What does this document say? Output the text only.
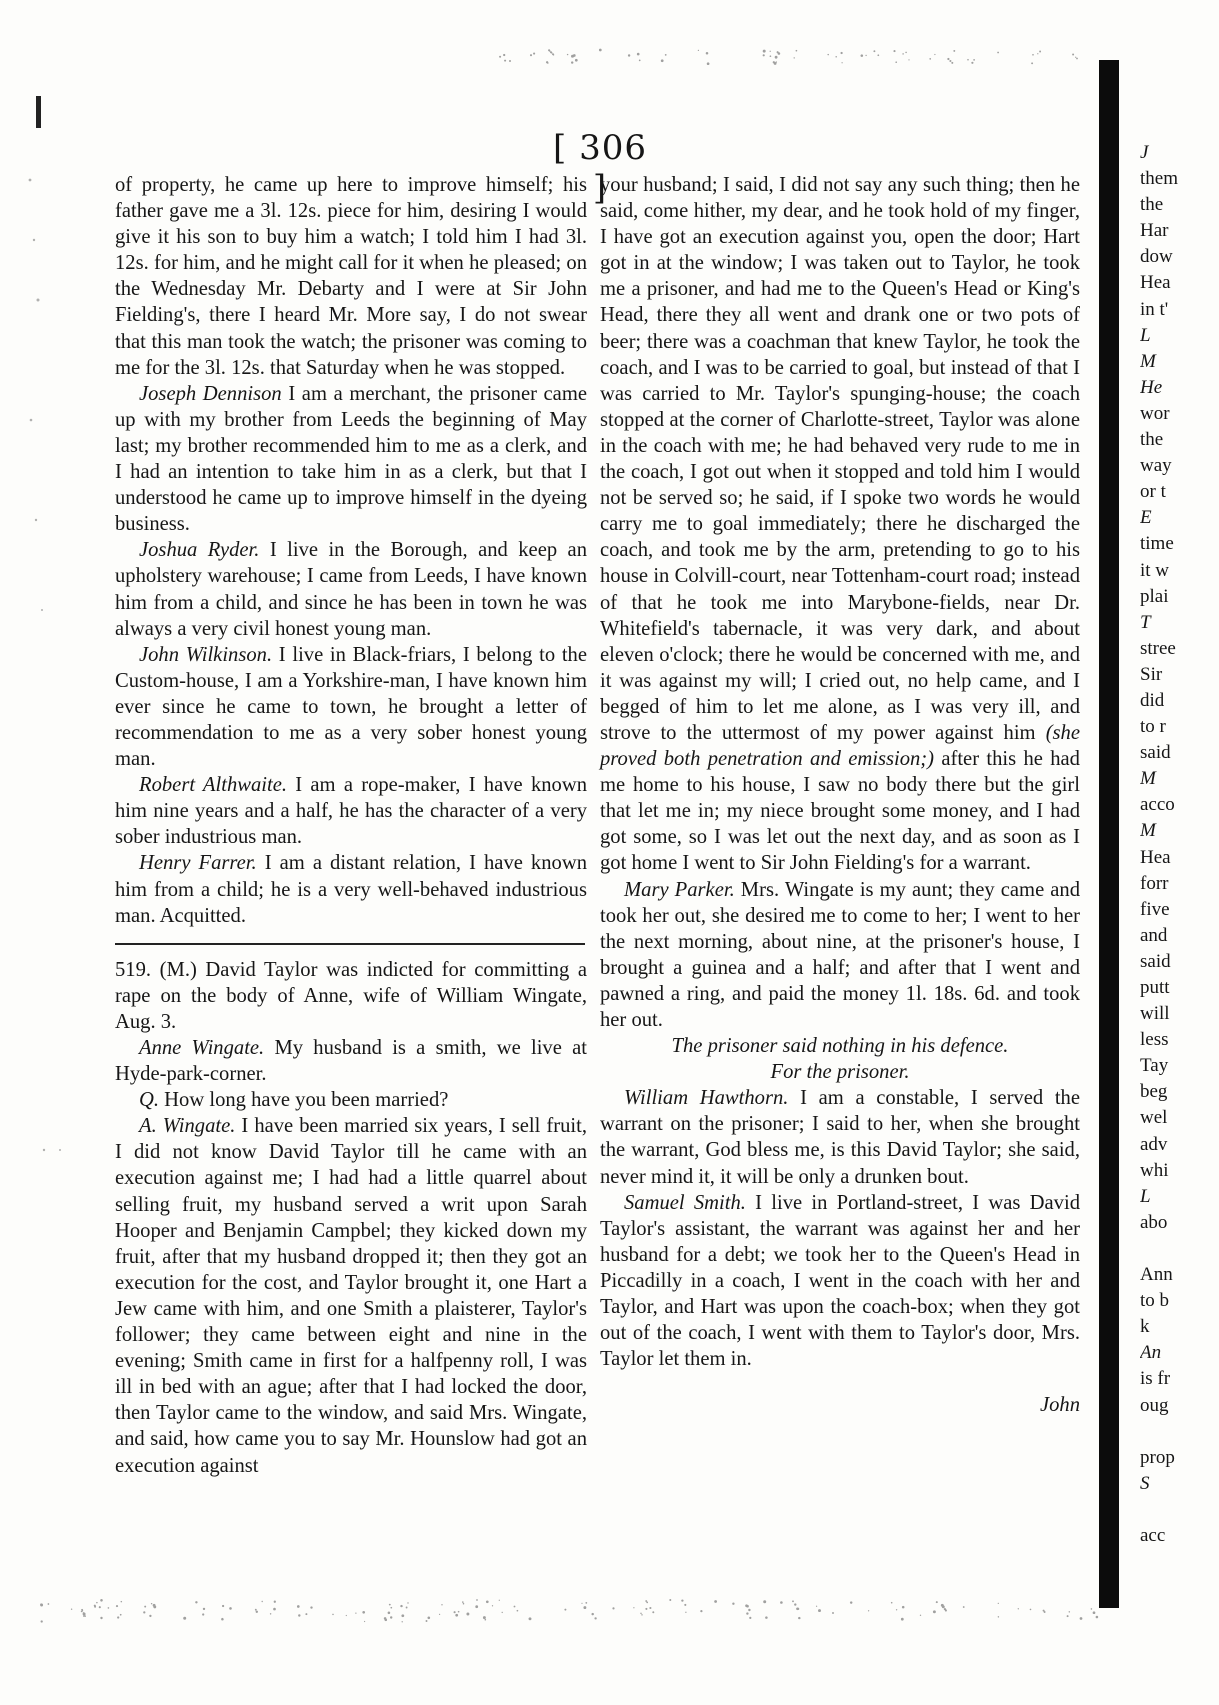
[ 306 ]

of property, he came up here to improve himself; his father gave me a 3l. 12s. piece for him, desiring I would give it his son to buy him a watch; I told him I had 3l. 12s. for him, and he might call for it when he pleased; on the Wednesday Mr. Debarty and I were at Sir John Fielding's, there I heard Mr. More say, I do not swear that this man took the watch; the prisoner was coming to me for the 3l. 12s. that Saturday when he was stopped.

Joseph Dennison I am a merchant, the prisoner came up with my brother from Leeds the beginning of May last; my brother recommended him to me as a clerk, and I had an intention to take him in as a clerk, but that I understood he came up to improve himself in the dyeing business.

Joshua Ryder. I live in the Borough, and keep an upholstery warehouse; I came from Leeds, I have known him from a child, and since he has been in town he was always a very civil honest young man.

John Wilkinson. I live in Black-friars, I belong to the Custom-house, I am a Yorkshire-man, I have known him ever since he came to town, he brought a letter of recommendation to me as a very sober honest young man.

Robert Althwaite. I am a rope-maker, I have known him nine years and a half, he has the character of a very sober industrious man.

Henry Farrer. I am a distant relation, I have known him from a child; he is a very well-behaved industrious man. Acquitted.

519. (M.) David Taylor was indicted for committing a rape on the body of Anne, wife of William Wingate, Aug. 3.

Anne Wingate. My husband is a smith, we live at Hyde-park-corner.

Q. How long have you been married?

A. Wingate. I have been married six years, I sell fruit, I did not know David Taylor till he came with an execution against me; I had had a little quarrel about selling fruit, my husband served a writ upon Sarah Hooper and Benjamin Campbel; they kicked down my fruit, after that my husband dropped it; then they got an execution for the cost, and Taylor brought it, one Hart a Jew came with him, and one Smith a plaisterer, Taylor's follower; they came between eight and nine in the evening; Smith came in first for a halfpenny roll, I was ill in bed with an ague; after that I had locked the door, then Taylor came to the window, and said Mrs. Wingate, and said, how came you to say Mr. Hounslow had got an execution against

your husband; I said, I did not say any such thing; then he said, come hither, my dear, and he took hold of my finger, I have got an execution against you, open the door; Hart got in at the window; I was taken out to Taylor, he took me a prisoner, and had me to the Queen's Head or King's Head, there they all went and drank one or two pots of beer; there was a coachman that knew Taylor, he took the coach, and I was to be carried to goal, but instead of that I was carried to Mr. Taylor's spunging-house; the coach stopped at the corner of Charlotte-street, Taylor was alone in the coach with me; he had behaved very rude to me in the coach, I got out when it stopped and told him I would not be served so; he said, if I spoke two words he would carry me to goal immediately; there he discharged the coach, and took me by the arm, pretending to go to his house in Colvill-court, near Tottenham-court road; instead of that he took me into Marybone-fields, near Dr. Whitefield's tabernacle, it was very dark, and about eleven o'clock; there he would be concerned with me, and it was against my will; I cried out, no help came, and I begged of him to let me alone, as I was very ill, and strove to the uttermost of my power against him (she proved both penetration and emission;) after this he had me home to his house, I saw no body there but the girl that let me in; my niece brought some money, and I had got some, so I was let out the next day, and as soon as I got home I went to Sir John Fielding's for a warrant.

Mary Parker. Mrs. Wingate is my aunt; they came and took her out, she desired me to come to her; I went to her the next morning, about nine, at the prisoner's house, I brought a guinea and a half; and after that I went and pawned a ring, and paid the money 1l. 18s. 6d. and took her out.

The prisoner said nothing in his defence.

For the prisoner.

William Hawthorn. I am a constable, I served the warrant on the prisoner; I said to her, when she brought the warrant, God bless me, is this David Taylor; she said, never mind it, it will be only a drunken bout.

Samuel Smith. I live in Portland-street, I was David Taylor's assistant, the warrant was against her and her husband for a debt; we took her to the Queen's Head in Piccadilly in a coach, I went in the coach with her and Taylor, and Hart was upon the coach-box; when they got out of the coach, I went with them to Taylor's door, Mrs. Taylor let them in.

John

J
them
the
Har
dow
Hea
in t'
L
M
He
wor
the
way
or t
E
time
it w
plai
T
stree
Sir
did
to r
said
M
acco
M
Hea
forr
five
and
said
putt
will
less
Tay
beg
wel
adv
whi
L
abo
Ann
to b
k
An
is fr
oug
prop
S
acc
